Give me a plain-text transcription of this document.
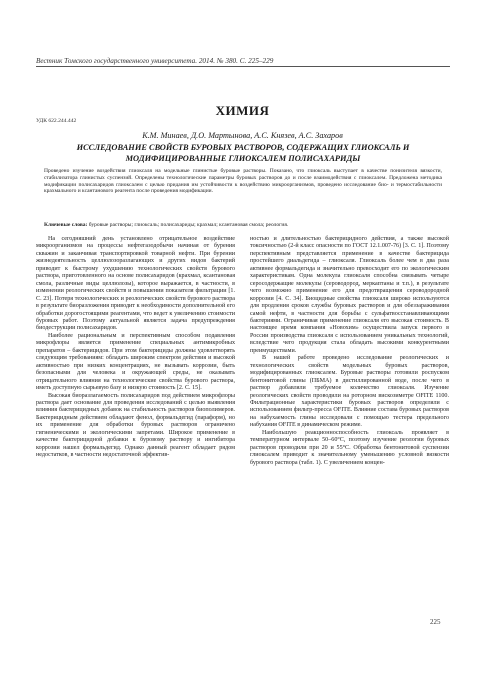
Вестник Томского государственного университета. 2014. № 380. С. 225–229
ХИМИЯ
УДК 622.244.442
К.М. Минаев, Д.О. Мартынова, А.С. Князев, А.С. Захаров
ИССЛЕДОВАНИЕ СВОЙСТВ БУРОВЫХ РАСТВОРОВ, СОДЕРЖАЩИХ ГЛИОКСАЛЬ И МОДИФИЦИРОВАННЫЕ ГЛИОКСАЛЕМ ПОЛИСАХАРИДЫ
Проведено изучение воздействия глиоксаля на модельные глинистые буровые растворы. Показано, что глиоксаль выступает в качестве понизителя вязкости, стабилизатора глинистых суспензий. Определены технологические параметры буровых растворов до и после взаимодействия с глиоксалем. Предложена методика модификации полисахаридов глиоксалем с целью придания им устойчивости к воздействию микроорганизмов, проведено исследование био- и термостабильности крахмального и ксантанового реагента после проведения модификации.
Ключевые слова: буровые растворы; глиоксаль; полисахариды; крахмал; ксантановая смола; реология.

На сегодняшний день установлено отрицательное воздействие микроорганизмов на процессы нефтегазодобычи начиная от бурения скважин и заканчивая транспортировкой товарной нефти. При бурении жизнедеятельность целлюлозоразлагающих и других видов бактерий приводит к быстрому ухудшению технологических свойств бурового раствора, приготовленного на основе полисахаридов (крахмал, ксантановая смола, различные виды целлюлозы), которое выражается, в частности, в изменении реологических свойств и повышении показателя фильтрации [1. С. 23]. Потеря технологических и реологических свойств бурового раствора в результате биоразложения приводит к необходимости дополнительной его обработки дорогостоящими реагентами, что ведет к увеличению стоимости буровых работ. Поэтому актуальной является задача предупреждения биодеструкции полисахаридов.

Наиболее рациональным и перспективным способом подавления микрофлоры является применение специальных антимикробных препаратов – бактерицидов. При этом бактерициды должны удовлетворять следующим требованиям: обладать широким спектром действия и высокой активностью при низких концентрациях, не вызывать коррозии, быть безопасными для человека и окружающей среды, не оказывать отрицательного влияния на технологические свойства бурового раствора, иметь доступную сырьевую базу и низкую стоимость [2. С. 15].

Высокая биоразлагаемость полисахаридов под действием микрофлоры раствора дает основание для проведения исследований с целью выявления влияния бактерицидных добавок на стабильность растворов биополимеров. Бактерицидным действием обладают фенол, формальдегид (параформ), но их применение для обработки буровых растворов ограничено гигиеническими и экологическими запретами. Широкое применение в качестве бактерицидной добавки к буровому раствору и ингибитора коррозии нашел формальдегид. Однако данный реагент обладает рядом недостатков, в частности недостаточной эффектив-

ностью и длительностью бактерицидного действия, а также высокой токсичностью (2-й класс опасности по ГОСТ 12.1.007-76) [3. С. 1]. Поэтому перспективным представляется применение в качестве бактерицида простейшего диальдегида – глиоксаля. Глиоксаль более чем в два раза активнее формальдегида и значительно превосходит его по экологическим характеристикам. Одна молекула глиоксаля способна связывать четыре серосодержащие молекулы (сероводород, меркаптаны и т.п.), в результате чего возможно применение его для предотвращения сероводородной коррозии [4. С. 34]. Биоцидные свойства глиоксаля широко используются для продления сроков службы буровых растворов и для обеззараживания самой нефти, в частности для борьбы с сульфатвосстанавливающими бактериями. Ограничивая применение глиоксаля его высокая стоимость. В настоящее время компания «Новохим» осуществила запуск первого в России производства глиоксаля с использованием уникальных технологий, вследствие чего продукция стала обладать высокими конкурентными преимуществами.

В нашей работе проведено исследование реологических и технологических свойств модельных буровых растворов, модифицированных глиоксалем. Буровые растворы готовили роспуском бентонитовой глины (ПБМА) в дистиллированной воде, после чего в раствор добавляли требуемое количество глиоксаля. Изучение реологических свойств проводили на роторном вискозиметре OFITE 1100. Фильтрационные характеристики буровых растворов определяли с использованием фильтр-пресса OFITE. Влияние состава буровых растворов на набухаемость глины исследовали с помощью тестера предельного набухания OFITE в динамическом режиме.

Наибольшую реакционноспособность глиоксаль проявляет в температурном интервале 50–60°С, поэтому изучение реологии буровых растворов проводили при 20 и 55°С. Обработка бентонитовой суспензии глиоксалем приводит к значительному уменьшению условной вязкости бурового раствора (табл. 1). С увеличением концен-

225
